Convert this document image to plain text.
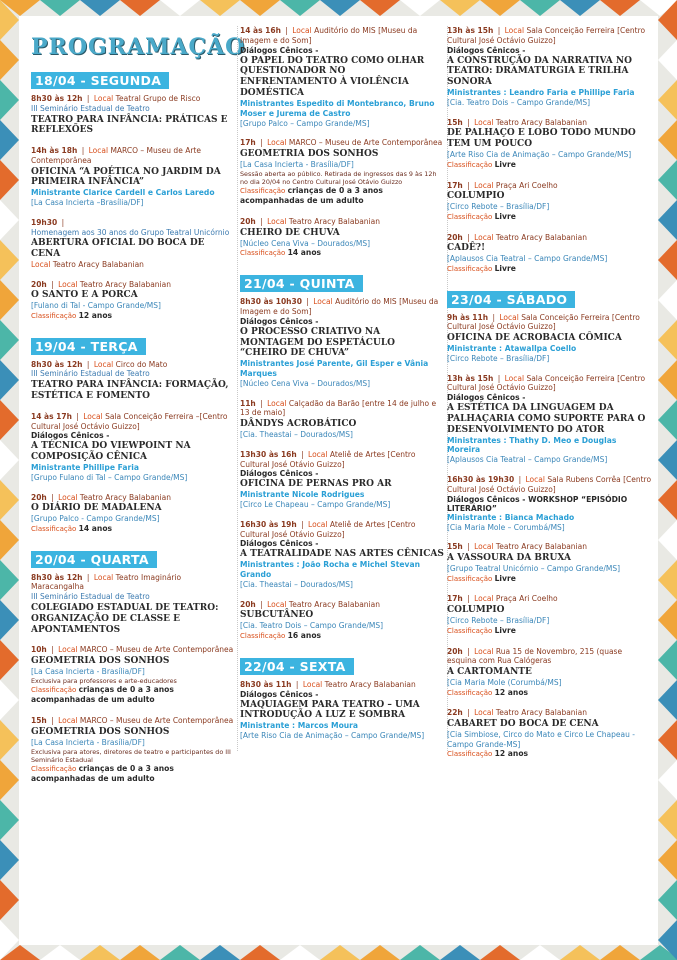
PROGRAMAÇÃO
18/04 - SEGUNDA
8h30 às 12h | Local Teatral Grupo de Risco
III Seminário Estadual de Teatro
TEATRO PARA INFÂNCIA: PRÁTICAS E REFLEXÕES
14h às 18h | Local MARCO – Museu de Arte Contemporânea
OFICINA “A POÉTICA NO JARDIM DA PRIMEIRA INFÂNCIA”
Ministrante Clarice Cardell e Carlos Laredo
[La Casa Incierta –Brasília/DF]
19h30 |
Homenagem aos 30 anos do Grupo Teatral Unicórnio
ABERTURA OFICIAL DO BOCA DE CENA
Local Teatro Aracy Balabanian
20h | Local Teatro Aracy Balabanian
O SANTO E A PORCA
[Fulano di Tal - Campo Grande/MS]
Classificação 12 anos
19/04 - TERÇA
8h30 às 12h | Local Circo do Mato
III Seminário Estadual de Teatro
TEATRO PARA INFÂNCIA: FORMAÇÃO, ESTÉTICA E FOMENTO
14 às 17h | Local Sala Conceição Ferreira –[Centro Cultural José Octávio Guizzo]
Diálogos Cênicos -
A TÉCNICA DO VIEWPOINT NA COMPOSIÇÃO CÊNICA
Ministrante Phillipe Faria
[Grupo Fulano di Tal – Campo Grande/MS]
20h | Local Teatro Aracy Balabanian
O DIÁRIO DE MADALENA
[Grupo Palco - Campo Grande/MS]
Classificação 14 anos
20/04 - QUARTA
8h30 às 12h | Local Teatro Imaginário Maracangalha
III Seminário Estadual de Teatro
COLEGIADO ESTADUAL DE TEATRO: ORGANIZAÇÃO DE CLASSE E APONTAMENTOS
10h | Local MARCO – Museu de Arte Contemporânea
GEOMETRIA DOS SONHOS
[La Casa Incierta - Brasília/DF]
Exclusiva para professores e arte-educadores
Classificação crianças de 0 a 3 anos acompanhadas de um adulto
15h | Local MARCO – Museu de Arte Contemporânea
GEOMETRIA DOS SONHOS
[La Casa Incierta - Brasília/DF]
Exclusiva para atores, diretores de teatro e participantes do III Seminário Estadual
Classificação crianças de 0 a 3 anos acompanhadas de um adulto
14 às 16h | Local Auditório do MIS [Museu da Imagem e do Som]
Diálogos Cênicos -
O PAPEL DO TEATRO COMO OLHAR QUESTIONADOR NO ENFRENTAMENTO À VIOLÊNCIA DOMÉSTICA
Ministrantes Espedito di Montebranco, Bruno Moser e Jurema de Castro
[Grupo Palco – Campo Grande/MS]
17h | Local MARCO – Museu de Arte Contemporânea
GEOMETRIA DOS SONHOS
[La Casa Incierta - Brasília/DF]
Sessão aberta ao público. Retirada de ingressos das 9 às 12h no dia 20/04 no Centro Cultural José Otávio Guizzo
Classificação crianças de 0 a 3 anos acompanhadas de um adulto
20h | Local Teatro Aracy Balabanian
CHEIRO DE CHUVA
[Núcleo Cena Viva – Dourados/MS]
Classificação 14 anos
21/04 - QUINTA
8h30 às 10h30 | Local Auditório do MIS [Museu da Imagem e do Som]
Diálogos Cênicos -
O PROCESSO CRIATIVO NA MONTAGEM DO ESPETÁCULO “CHEIRO DE CHUVA”
Ministrantes José Parente, Gil Esper e Vânia Marques
[Núcleo Cena Viva – Dourados/MS]
11h | Local Calçadão da Barão [entre 14 de julho e 13 de maio]
DÂNDYS ACROBÁTICO
[Cia. Theastai – Dourados/MS]
13h30 às 16h | Local Ateliê de Artes [Centro Cultural José Otávio Guizzo]
Diálogos Cênicos -
OFICINA DE PERNAS PRO AR
Ministrante Nicole Rodrigues
[Circo Le Chapeau – Campo Grande/MS]
16h30 às 19h | Local Ateliê de Artes [Centro Cultural José Otávio Guizzo]
Diálogos Cênicos -
A TEATRALIDADE NAS ARTES CÊNICAS
Ministrantes : João Rocha e Michel Stevan Grando
[Cia. Theastai – Dourados/MS]
20h | Local Teatro Aracy Balabanian
SUBCUTÂNEO
[Cia. Teatro Dois – Campo Grande/MS]
Classificação 16 anos
22/04 - SEXTA
8h30 às 11h | Local Teatro Aracy Balabanian
Diálogos Cênicos -
MAQUIAGEM PARA TEATRO – UMA INTRODUÇÃO A LUZ E SOMBRA
Ministrante : Marcos Moura
[Arte Riso Cia de Animação – Campo Grande/MS]
13h às 15h | Local Sala Conceição Ferreira [Centro Cultural José Octávio Guizzo]
Diálogos Cênicos -
A CONSTRUÇÃO DA NARRATIVA NO TEATRO: DRAMATURGIA E TRILHA SONORA
Ministrantes : Leandro Faria e Phillipe Faria
[Cia. Teatro Dois – Campo Grande/MS]
15h | Local Teatro Aracy Balabanian
DE PALHAÇO E LOBO TODO MUNDO TEM UM POUCO
[Arte Riso Cia de Animação – Campo Grande/MS]
Classificação Livre
17h | Local Praça Ari Coelho
COLUMPIO
[Circo Rebote – Brasília/DF]
Classificação Livre
20h | Local Teatro Aracy Balabanian
CADÊ?!
[Aplausos Cia Teatral – Campo Grande/MS]
Classificação Livre
23/04 - SÁBADO
9h às 11h | Local Sala Conceição Ferreira [Centro Cultural José Octávio Guizzo]
OFICINA DE ACROBACIA CÔMICA
Ministrante : Atawallpa Coello
[Circo Rebote – Brasília/DF]
13h às 15h | Local Sala Conceição Ferreira [Centro Cultural José Octávio Guizzo]
Diálogos Cênicos -
A ESTÉTICA DA LINGUAGEM DA PALHAÇARIA COMO SUPORTE PARA O DESENVOLVIMENTO DO ATOR
Ministrantes : Thathy D. Meo e Douglas Moreira
[Aplausos Cia Teatral – Campo Grande/MS]
16h30 às 19h30 | Local Sala Rubens Corrêa [Centro Cultural José Octávio Guizzo]
Diálogos Cênicos - WORKSHOP “EPISÓDIO LITERÁRIO”
Ministrante : Bianca Machado
[Cia Maria Mole – Corumbá/MS]
15h | Local Teatro Aracy Balabanian
A VASSOURA DA BRUXA
[Grupo Teatral Unicórnio – Campo Grande/MS]
Classificação Livre
17h | Local Praça Ari Coelho
COLUMPIO
[Circo Rebote – Brasília/DF]
Classificação Livre
20h | Local Rua 15 de Novembro, 215 (quase esquina com Rua Calógeras
A CARTOMANTE
[Cia Maria Mole (Corumbá/MS]
Classificação 12 anos
22h | Local Teatro Aracy Balabanian
CABARET DO BOCA DE CENA
[Cia Simbiose, Circo do Mato e Circo Le Chapeau - Campo Grande-MS]
Classificação 12 anos
